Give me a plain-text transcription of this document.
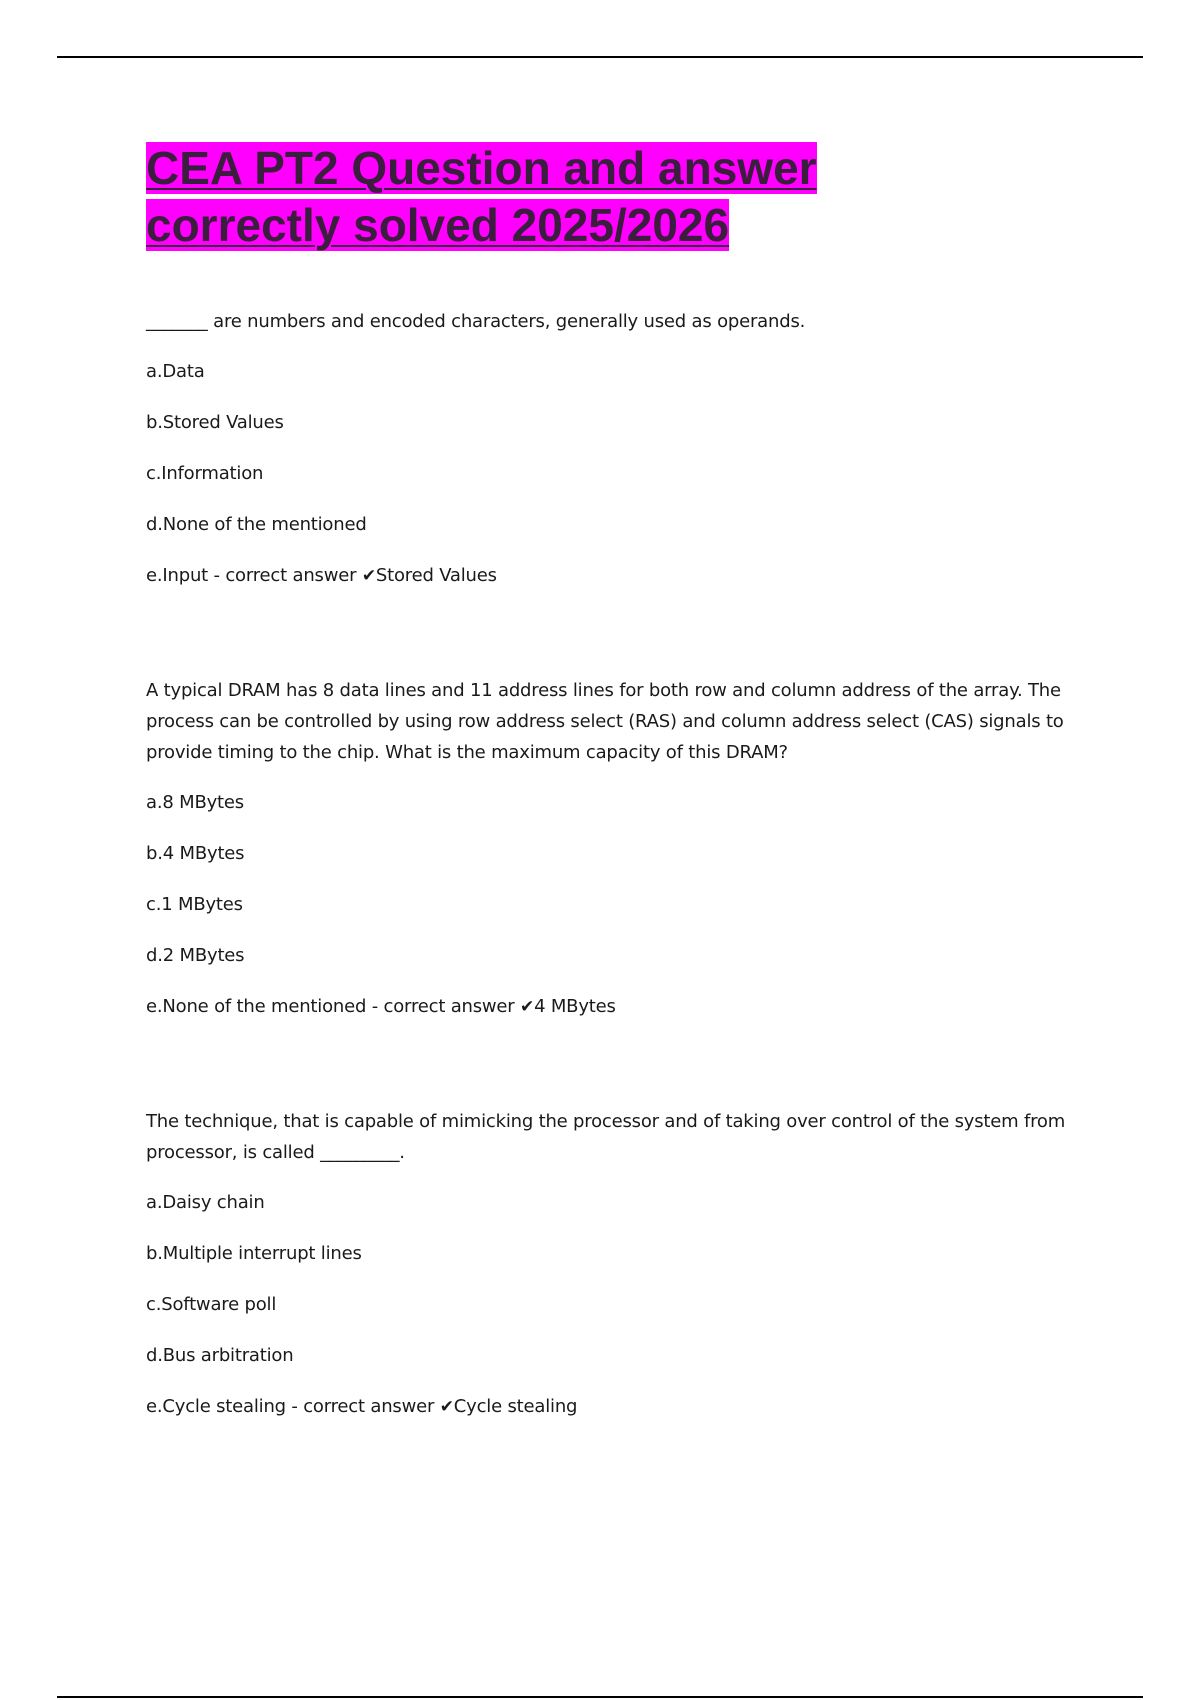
CEA PT2 Question and answer
correctly solved 2025/2026

_______ are numbers and encoded characters, generally used as operands.

a.Data

b.Stored Values

c.Information

d.None of the mentioned

e.Input - correct answer ✔Stored Values

A typical DRAM has 8 data lines and 11 address lines for both row and column address of the array. The process can be controlled by using row address select (RAS) and column address select (CAS) signals to provide timing to the chip. What is the maximum capacity of this DRAM?

a.8 MBytes

b.4 MBytes

c.1 MBytes

d.2 MBytes

e.None of the mentioned - correct answer ✔4 MBytes

The technique, that is capable of mimicking the processor and of taking over control of the system from processor, is called _________.

a.Daisy chain

b.Multiple interrupt lines

c.Software poll

d.Bus arbitration

e.Cycle stealing - correct answer ✔Cycle stealing
